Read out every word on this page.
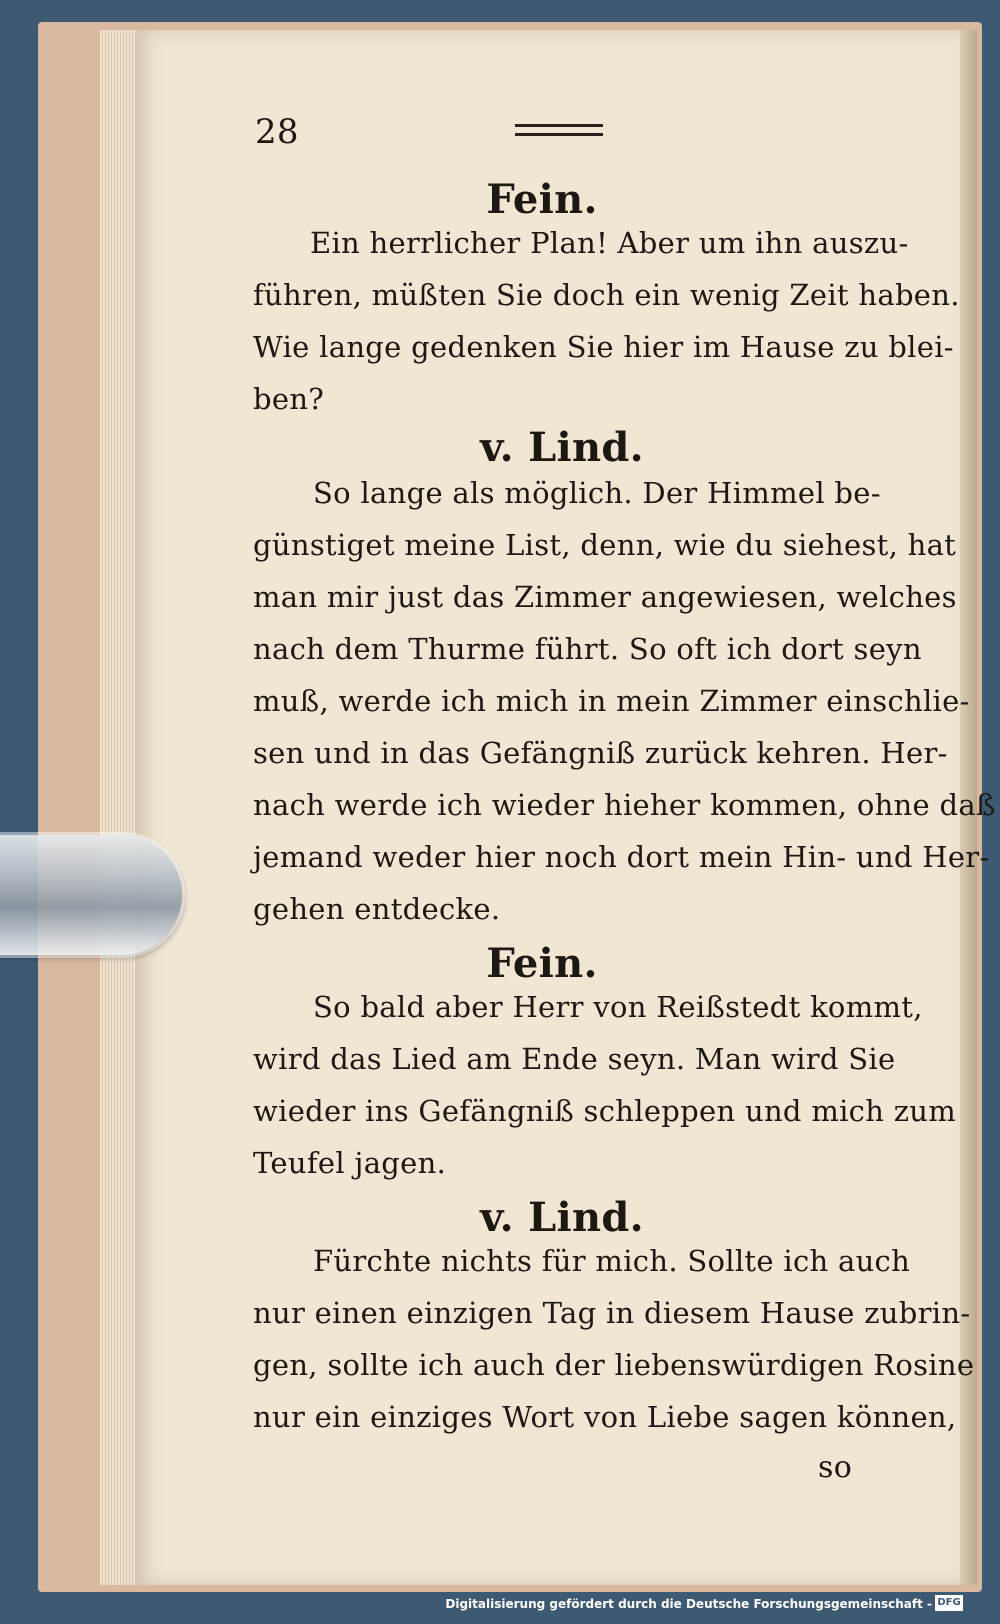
28
Fein.
Ein herrlicher Plan! Aber um ihn auszu-
führen, müßten Sie doch ein wenig Zeit haben.
Wie lange gedenken Sie hier im Hause zu blei-
ben?
v. Lind.
So lange als möglich. Der Himmel be-
günstiget meine List, denn, wie du siehest, hat
man mir just das Zimmer angewiesen, welches
nach dem Thurme führt. So oft ich dort seyn
muß, werde ich mich in mein Zimmer einschlie-
sen und in das Gefängniß zurück kehren. Her-
nach werde ich wieder hieher kommen, ohne daß
jemand weder hier noch dort mein Hin- und Her-
gehen entdecke.
Fein.
So bald aber Herr von Reißstedt kommt,
wird das Lied am Ende seyn. Man wird Sie
wieder ins Gefängniß schleppen und mich zum
Teufel jagen.
v. Lind.
Fürchte nichts für mich. Sollte ich auch
nur einen einzigen Tag in diesem Hause zubrin-
gen, sollte ich auch der liebenswürdigen Rosine
nur ein einziges Wort von Liebe sagen können,
so
Digitalisierung gefördert durch die Deutsche Forschungsgemeinschaft - DFG
